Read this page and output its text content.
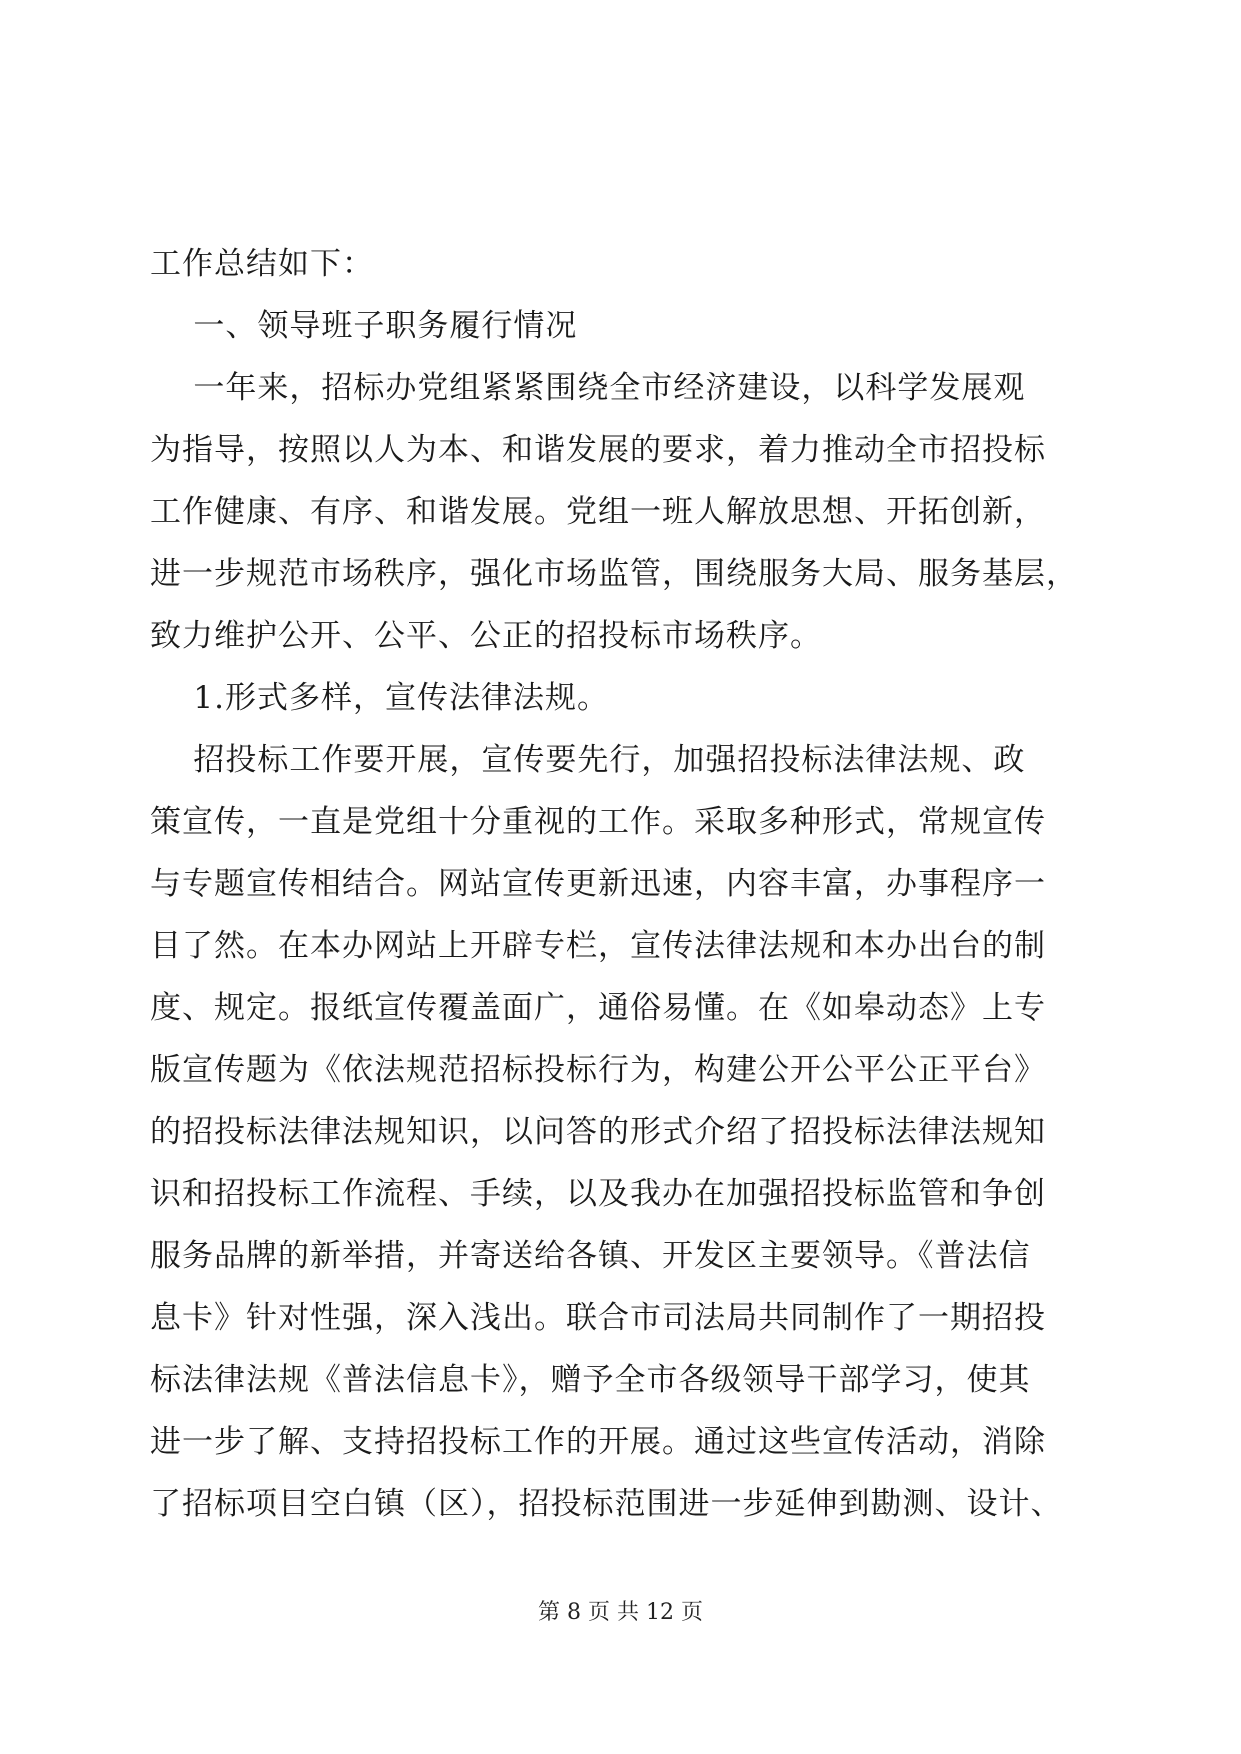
工作总结如下：
一、领导班子职务履行情况
一年来，招标办党组紧紧围绕全市经济建设，以科学发展观
为指导，按照以人为本、和谐发展的要求，着力推动全市招投标
工作健康、有序、和谐发展。党组一班人解放思想、开拓创新，
进一步规范市场秩序，强化市场监管，围绕服务大局、服务基层，
致力维护公开、公平、公正的招投标市场秩序。
1.形式多样，宣传法律法规。
招投标工作要开展，宣传要先行，加强招投标法律法规、政
策宣传，一直是党组十分重视的工作。采取多种形式，常规宣传
与专题宣传相结合。网站宣传更新迅速，内容丰富，办事程序一
目了然。在本办网站上开辟专栏，宣传法律法规和本办出台的制
度、规定。报纸宣传覆盖面广，通俗易懂。在《如皋动态》上专
版宣传题为《依法规范招标投标行为，构建公开公平公正平台》
的招投标法律法规知识，以问答的形式介绍了招投标法律法规知
识和招投标工作流程、手续，以及我办在加强招投标监管和争创
服务品牌的新举措，并寄送给各镇、开发区主要领导。《普法信
息卡》针对性强，深入浅出。联合市司法局共同制作了一期招投
标法律法规《普法信息卡》，赠予全市各级领导干部学习，使其
进一步了解、支持招投标工作的开展。通过这些宣传活动，消除
了招标项目空白镇（区），招投标范围进一步延伸到勘测、设计、
第 8 页 共 12 页
